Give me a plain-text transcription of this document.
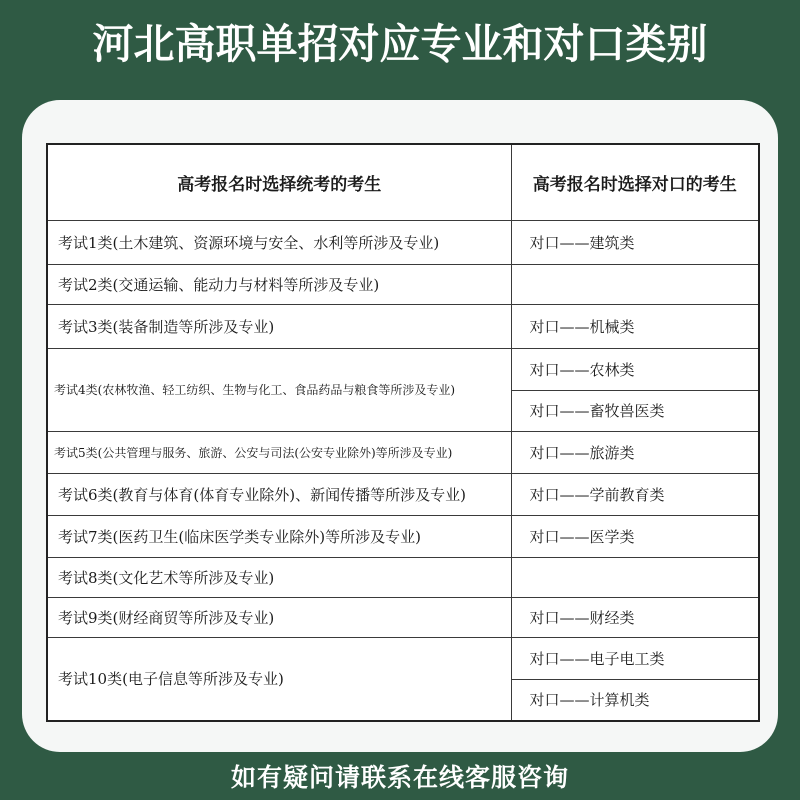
河北高职单招对应专业和对口类别
高考报名时选择统考的考生	高考报名时选择对口的考生
考试1类(土木建筑、资源环境与安全、水利等所涉及专业)	对口——建筑类
考试2类(交通运输、能动力与材料等所涉及专业)	
考试3类(装备制造等所涉及专业)	对口——机械类
考试4类(农林牧渔、轻工纺织、生物与化工、食品药品与粮食等所涉及专业)	对口——农林类
	对口——畜牧兽医类
考试5类(公共管理与服务、旅游、公安与司法(公安专业除外)等所涉及专业)	对口——旅游类
考试6类(教育与体育(体育专业除外)、新闻传播等所涉及专业)	对口——学前教育类
考试7类(医药卫生(临床医学类专业除外)等所涉及专业)	对口——医学类
考试8类(文化艺术等所涉及专业)	
考试9类(财经商贸等所涉及专业)	对口——财经类
考试10类(电子信息等所涉及专业)	对口——电子电工类
	对口——计算机类
如有疑问请联系在线客服咨询
